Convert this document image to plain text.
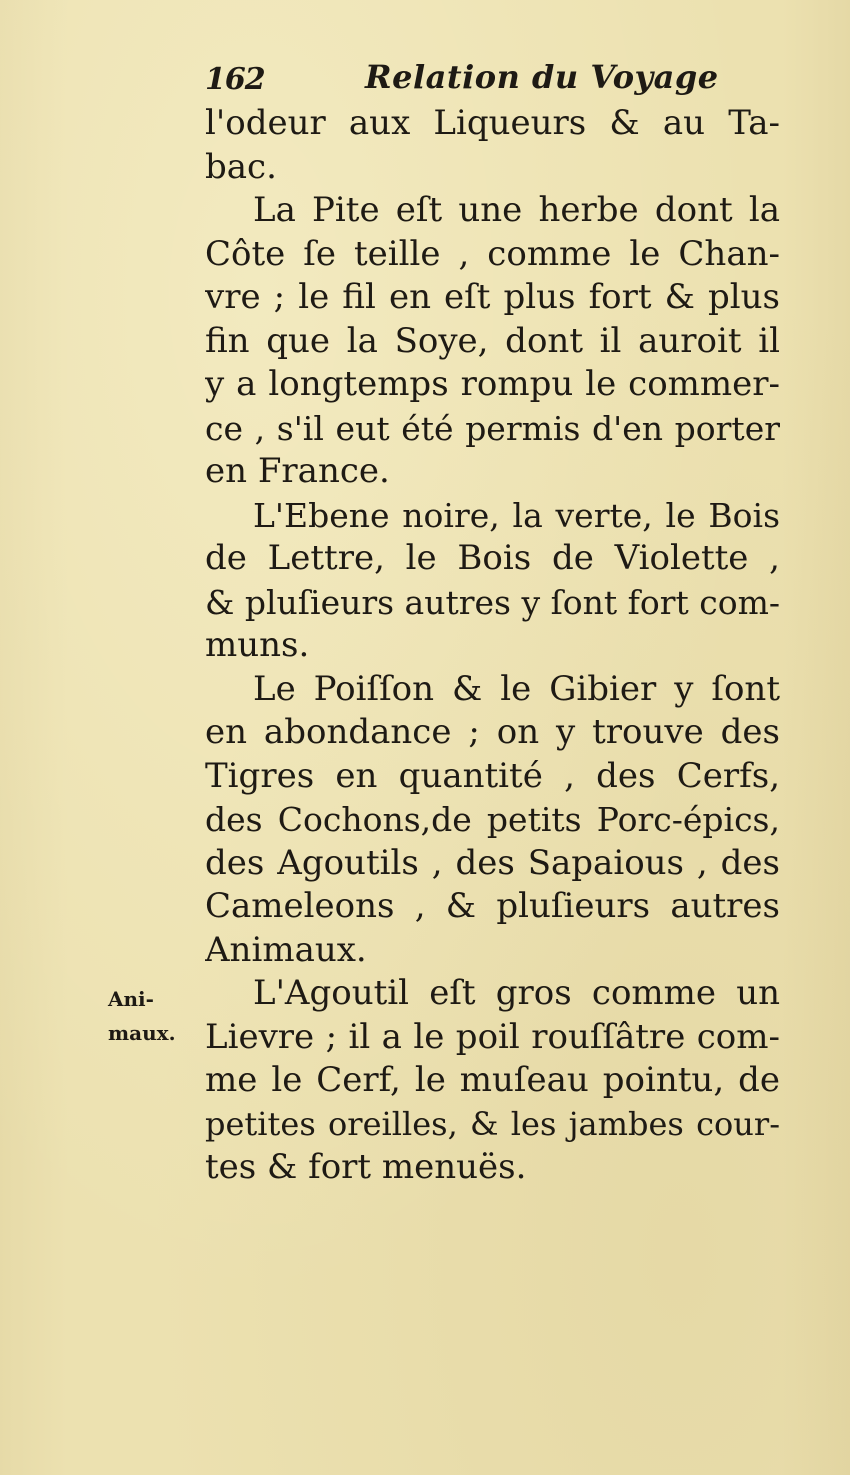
162	Relation du Voyage
Ani-
maux.
l'odeur aux Liqueurs & au Ta-
bac.
La Pite eſt une herbe dont la
Côte ſe teille , comme le Chan-
vre ; le fil en eſt plus fort & plus
fin que la Soye, dont il auroit il
y a longtemps rompu le commer-
ce , s'il eut été permis d'en porter
en France.
L'Ebene noire, la verte, le Bois
de Lettre, le Bois de Violette ,
& pluſieurs autres y ſont fort com-
muns.
Le Poiſſon & le Gibier y ſont
en abondance ; on y trouve des
Tigres en quantité , des Cerfs,
des Cochons,de petits Porc-épics,
des Agoutils , des Sapaious , des
Cameleons , & pluſieurs autres
Animaux.
L'Agoutil eſt gros comme un
Lievre ; il a le poil rouſſâtre com-
me le Cerf, le muſeau pointu, de
petites oreilles, & les jambes cour-
tes & fort menuës.
